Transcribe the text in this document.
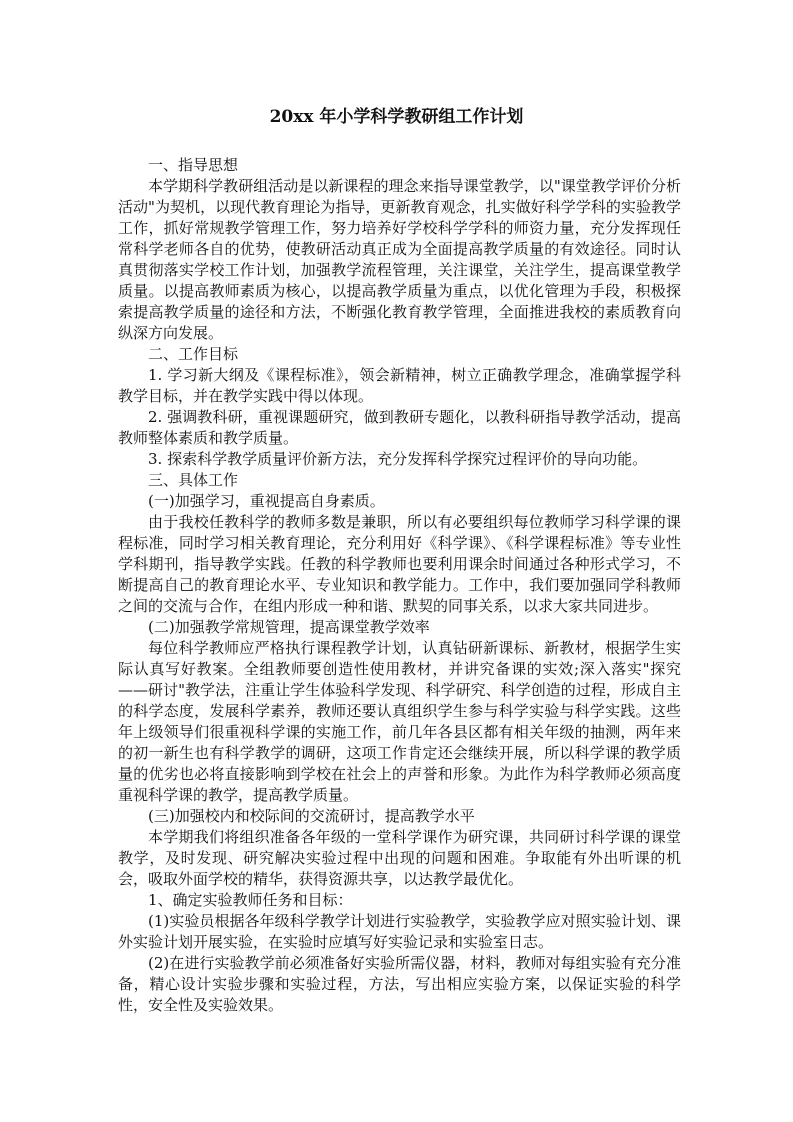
20xx 年小学科学教研组工作计划

一、指导思想

本学期科学教研组活动是以新课程的理念来指导课堂教学，以"课堂教学评价分析活动"为契机，以现代教育理论为指导，更新教育观念，扎实做好科学学科的实验教学工作，抓好常规教学管理工作，努力培养好学校科学学科的师资力量，充分发挥现任常科学老师各自的优势，使教研活动真正成为全面提高教学质量的有效途径。同时认真贯彻落实学校工作计划，加强教学流程管理，关注课堂，关注学生，提高课堂教学质量。以提高教师素质为核心，以提高教学质量为重点，以优化管理为手段，积极探索提高教学质量的途径和方法，不断强化教育教学管理，全面推进我校的素质教育向纵深方向发展。

二、工作目标

1. 学习新大纲及《课程标准》，领会新精神，树立正确教学理念，准确掌握学科教学目标，并在教学实践中得以体现。

2. 强调教科研，重视课题研究，做到教研专题化，以教科研指导教学活动，提高教师整体素质和教学质量。

3. 探索科学教学质量评价新方法，充分发挥科学探究过程评价的导向功能。

三、具体工作

(一)加强学习，重视提高自身素质。

由于我校任教科学的教师多数是兼职，所以有必要组织每位教师学习科学课的课程标准，同时学习相关教育理论，充分利用好《科学课》、《科学课程标准》等专业性学科期刊，指导教学实践。任教的科学教师也要利用课余时间通过各种形式学习，不断提高自己的教育理论水平、专业知识和教学能力。工作中，我们要加强同学科教师之间的交流与合作，在组内形成一种和谐、默契的同事关系，以求大家共同进步。

(二)加强教学常规管理，提高课堂教学效率

每位科学教师应严格执行课程教学计划，认真钻研新课标、新教材，根据学生实际认真写好教案。全组教师要创造性使用教材，并讲究备课的实效;深入落实"探究——研讨"教学法，注重让学生体验科学发现、科学研究、科学创造的过程，形成自主的科学态度，发展科学素养，教师还要认真组织学生参与科学实验与科学实践。这些年上级领导们很重视科学课的实施工作，前几年各县区都有相关年级的抽测，两年来的初一新生也有科学教学的调研，这项工作肯定还会继续开展，所以科学课的教学质量的优劣也必将直接影响到学校在社会上的声誉和形象。为此作为科学教师必须高度重视科学课的教学，提高教学质量。

(三)加强校内和校际间的交流研讨，提高教学水平

本学期我们将组织准备各年级的一堂科学课作为研究课，共同研讨科学课的课堂教学，及时发现、研究解决实验过程中出现的问题和困难。争取能有外出听课的机会，吸取外面学校的精华，获得资源共享，以达教学最优化。

1、确定实验教师任务和目标：

(1)实验员根据各年级科学教学计划进行实验教学，实验教学应对照实验计划、课外实验计划开展实验，在实验时应填写好实验记录和实验室日志。

(2)在进行实验教学前必须准备好实验所需仪器，材料，教师对每组实验有充分准备，精心设计实验步骤和实验过程，方法，写出相应实验方案，以保证实验的科学性，安全性及实验效果。
